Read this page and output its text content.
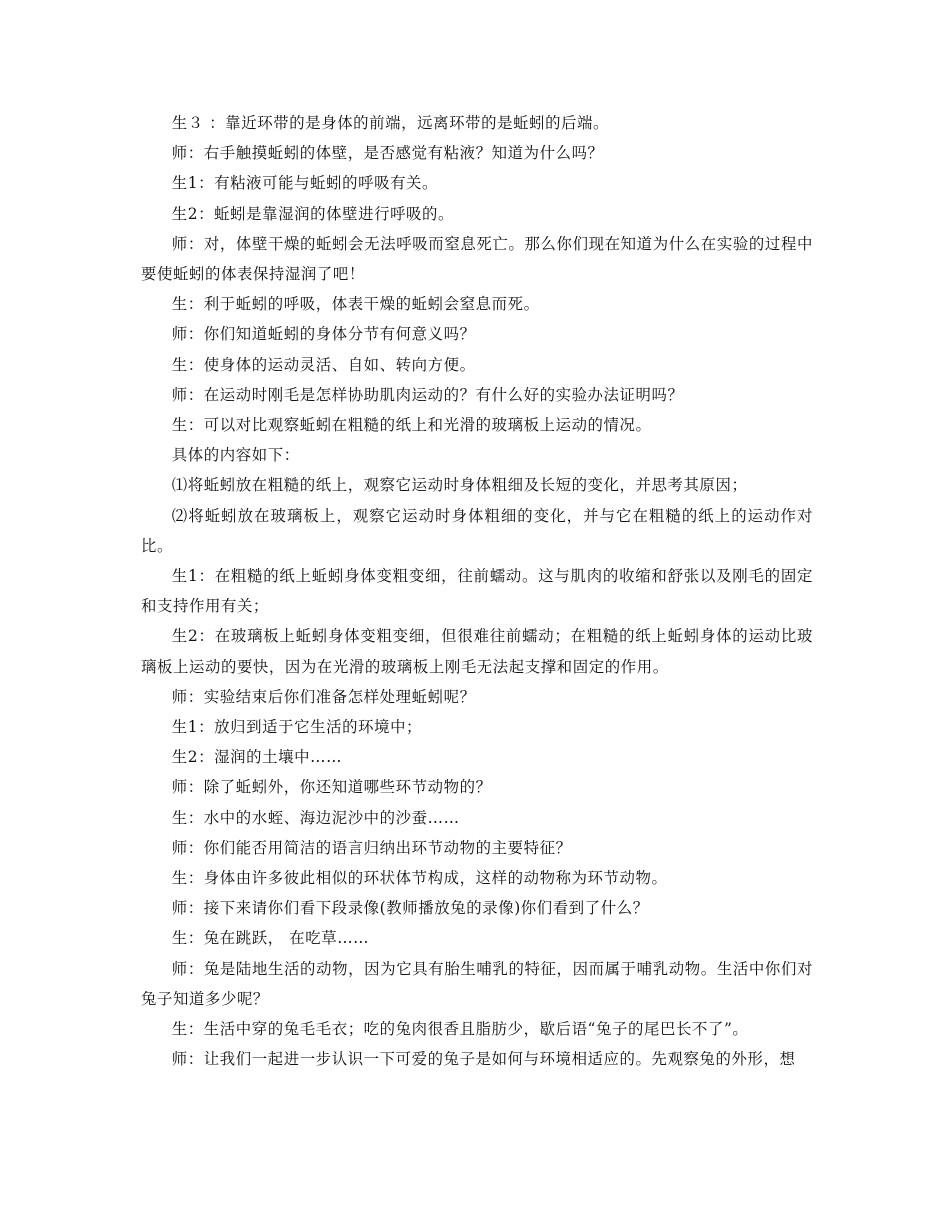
生３ ：靠近环带的是身体的前端，远离环带的是蚯蚓的后端。

师：右手触摸蚯蚓的体壁，是否感觉有粘液？知道为什么吗？

生1：有粘液可能与蚯蚓的呼吸有关。

生2：蚯蚓是靠湿润的体壁进行呼吸的。

师：对，体壁干燥的蚯蚓会无法呼吸而窒息死亡。那么你们现在知道为什么在实验的过程中要使蚯蚓的体表保持湿润了吧！

生：利于蚯蚓的呼吸，体表干燥的蚯蚓会窒息而死。

师：你们知道蚯蚓的身体分节有何意义吗？

生：使身体的运动灵活、自如、转向方便。

师：在运动时刚毛是怎样协助肌肉运动的？有什么好的实验办法证明吗？

生：可以对比观察蚯蚓在粗糙的纸上和光滑的玻璃板上运动的情况。

具体的内容如下：

⑴将蚯蚓放在粗糙的纸上，观察它运动时身体粗细及长短的变化，并思考其原因；

⑵将蚯蚓放在玻璃板上，观察它运动时身体粗细的变化，并与它在粗糙的纸上的运动作对比。

生1：在粗糙的纸上蚯蚓身体变粗变细，往前蠕动。这与肌肉的收缩和舒张以及刚毛的固定和支持作用有关；

生2：在玻璃板上蚯蚓身体变粗变细，但很难往前蠕动；在粗糙的纸上蚯蚓身体的运动比玻璃板上运动的要快，因为在光滑的玻璃板上刚毛无法起支撑和固定的作用。

师：实验结束后你们准备怎样处理蚯蚓呢？

生1：放归到适于它生活的环境中；

生2：湿润的土壤中……

师：除了蚯蚓外，你还知道哪些环节动物的？

生：水中的水蛭、海边泥沙中的沙蚕……

师：你们能否用简洁的语言归纳出环节动物的主要特征？

生：身体由许多彼此相似的环状体节构成，这样的动物称为环节动物。

师：接下来请你们看下段录像(教师播放兔的录像)你们看到了什么？

生：兔在跳跃， 在吃草……

师：兔是陆地生活的动物，因为它具有胎生哺乳的特征，因而属于哺乳动物。生活中你们对兔子知道多少呢？

生：生活中穿的兔毛毛衣；吃的兔肉很香且脂肪少，歇后语“兔子的尾巴长不了”。

师：让我们一起进一步认识一下可爱的兔子是如何与环境相适应的。先观察兔的外形，想
